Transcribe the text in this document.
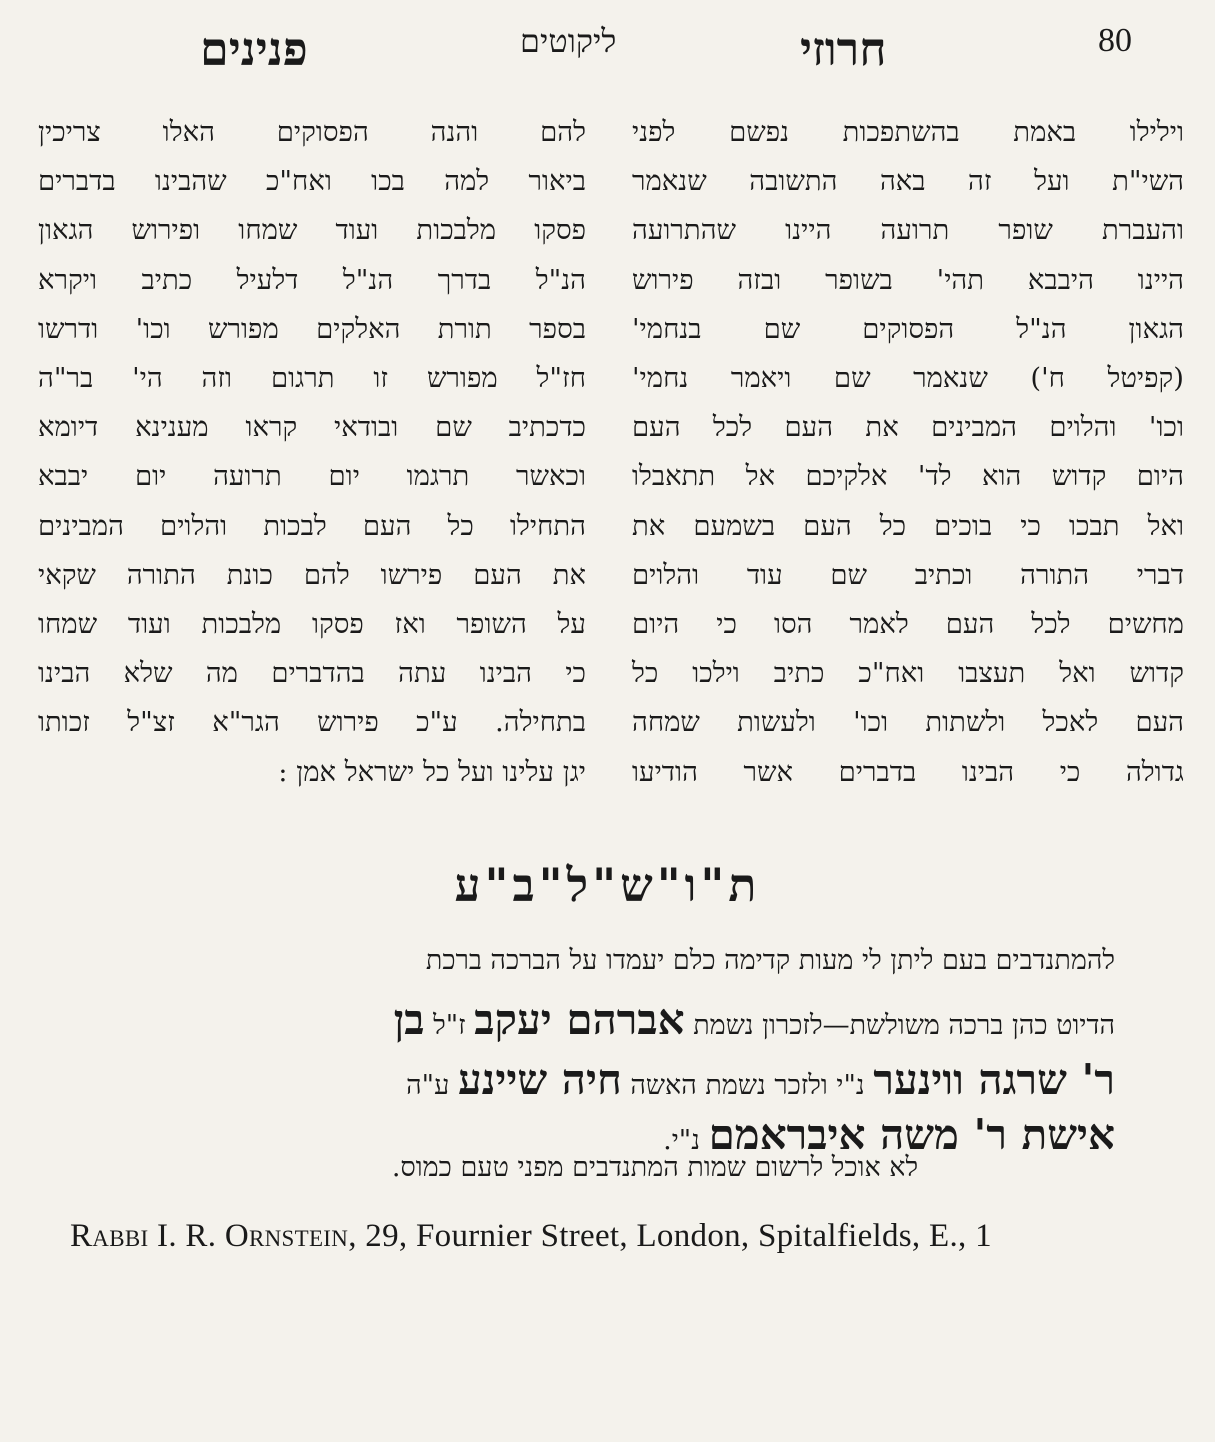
80
חרוזי
ליקוטים
פנינים
וילילו באמת בהשתפכות נפשם לפני
השי"ת ועל זה באה התשובה שנאמר
והעברת שופר תרועה היינו שהתרועה
היינו היבבא תהי' בשופר ובזה פירוש
הגאון הנ"ל הפסוקים שם בנחמי'
(קפיטל ח') שנאמר שם ויאמר נחמי'
וכו' והלוים המבינים את העם לכל העם
היום קדוש הוא לד' אלקיכם אל תתאבלו
ואל תבכו כי בוכים כל העם בשמעם את
דברי התורה וכתיב שם עוד והלוים
מחשים לכל העם לאמר הסו כי היום
קדוש ואל תעצבו ואח"כ כתיב וילכו כל
העם לאכל ולשתות וכו' ולעשות שמחה
גדולה כי הבינו בדברים אשר הודיעו
להם והנה הפסוקים האלו צריכין
ביאור למה בכו ואח"כ שהבינו בדברים
פסקו מלבכות ועוד שמחו ופירוש הגאון
הנ"ל בדרך הנ"ל דלעיל כתיב ויקרא
בספר תורת האלקים מפורש וכו' ודרשו
חז"ל מפורש זו תרגום וזה הי' בר"ה
כדכתיב שם ובודאי קראו מענינא דיומא
וכאשר תרגמו יום תרועה יום יבבא
התחילו כל העם לבכות והלוים המבינים
את העם פירשו להם כונת התורה שקאי
על השופר ואז פסקו מלבכות ועוד שמחו
כי הבינו עתה בהדברים מה שלא הבינו
בתחילה. ע"כ פירוש הגר"א זצ"ל זכותו
יגן עלינו ועל כל ישראל אמן :
ת"ו"ש"ל"ב"ע
להמתנדבים בעם ליתן לי מעות קדימה כלם יעמדו על הברכה ברכת
הדיוט כהן ברכה משולשת—לזכרון נשמת אברהם יעקב ז"ל בן
ר' שרגה ווינער נ"י ולזכר נשמת האשה חיה שיינע ע"ה
אישת ר' משה איבראמם נ"י.
לא אוכל לרשום שמות המתנדבים מפני טעם כמוס.
Rabbi I. R. Ornstein, 29, Fournier Street, London, Spitalfields, E., 1
